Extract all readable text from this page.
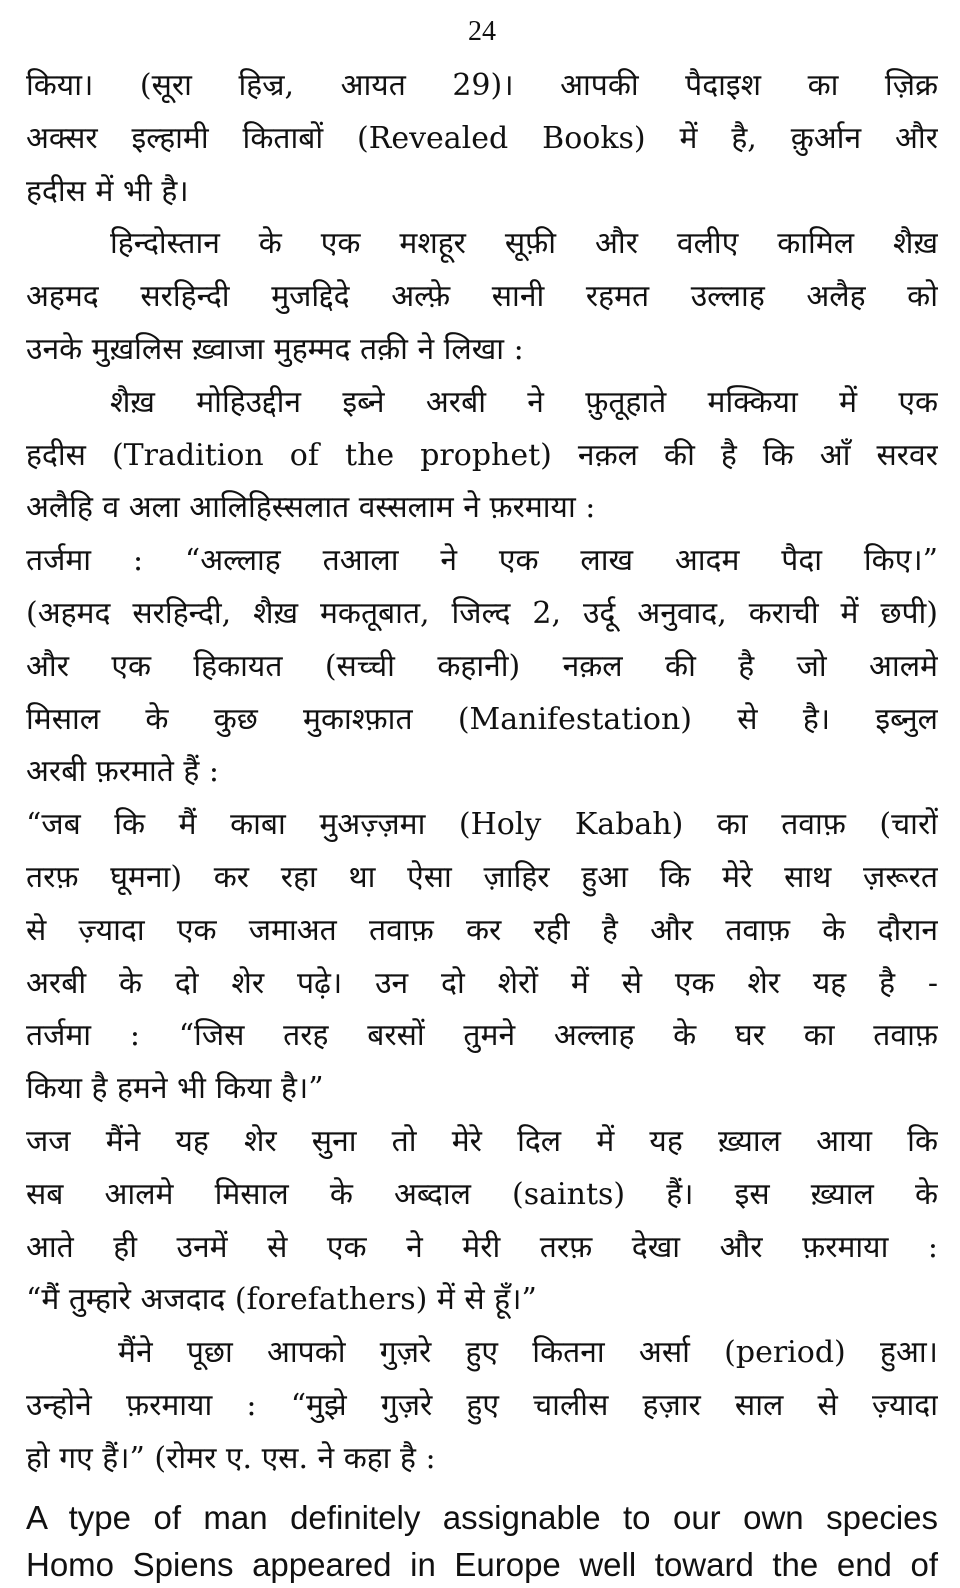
24
किया। (सूरा हिज्र, आयत 29)। आपकी पैदाइश का ज़िक्र
अक्सर इल्हामी किताबों (Revealed Books) में है, क़ुर्आन और
हदीस में भी है।
हिन्दोस्तान के एक मशहूर सूफ़ी और वलीए कामिल शैख़
अहमद सरहिन्दी मुजद्दिदे अल्फ़े सानी रहमत उल्लाह अलैह को
उनके मुख़लिस ख़्वाजा मुहम्मद तक़ी ने लिखा :
शैख़ मोहिउद्दीन इब्ने अरबी ने फ़ुतूहाते मक्किया में एक
हदीस (Tradition of the prophet) नक़ल की है कि आँ सरवर
अलैहि व अला आलिहिस्सलात वस्सलाम ने फ़रमाया :
तर्जमा : “अल्लाह तआला ने एक लाख आदम पैदा किए।”
(अहमद सरहिन्दी, शैख़ मकतूबात, जिल्द 2, उर्दू अनुवाद, कराची में छपी)
और एक हिकायत (सच्ची कहानी) नक़ल की है जो आलमे
मिसाल के कुछ मुकाश्फ़ात (Manifestation) से है। इब्नुल
अरबी फ़रमाते हैं :
“जब कि मैं काबा मुअज़्ज़मा (Holy Kabah) का तवाफ़ (चारों
तरफ़ घूमना) कर रहा था ऐसा ज़ाहिर हुआ कि मेरे साथ ज़रूरत
से ज़्यादा एक जमाअत तवाफ़ कर रही है और तवाफ़ के दौरान
अरबी के दो शेर पढ़े। उन दो शेरों में से एक शेर यह है -
तर्जमा : “जिस तरह बरसों तुमने अल्लाह के घर का तवाफ़
किया है हमने भी किया है।”
जज मैंने यह शेर सुना तो मेरे दिल में यह ख़्याल आया कि
सब आलमे मिसाल के अब्दाल (saints) हैं। इस ख़्याल के
आते ही उनमें से एक ने मेरी तरफ़ देखा और फ़रमाया :
“मैं तुम्हारे अजदाद (forefathers) में से हूँ।”
मैंने पूछा आपको गुज़रे हुए कितना अर्सा (period) हुआ।
उन्होने फ़रमाया : “मुझे गुज़रे हुए चालीस हज़ार साल से ज़्यादा
हो गए हैं।” (रोमर ए. एस. ने कहा है :
A type of man definitely assignable to our own species
Homo Spiens appeared in Europe well toward the end of
